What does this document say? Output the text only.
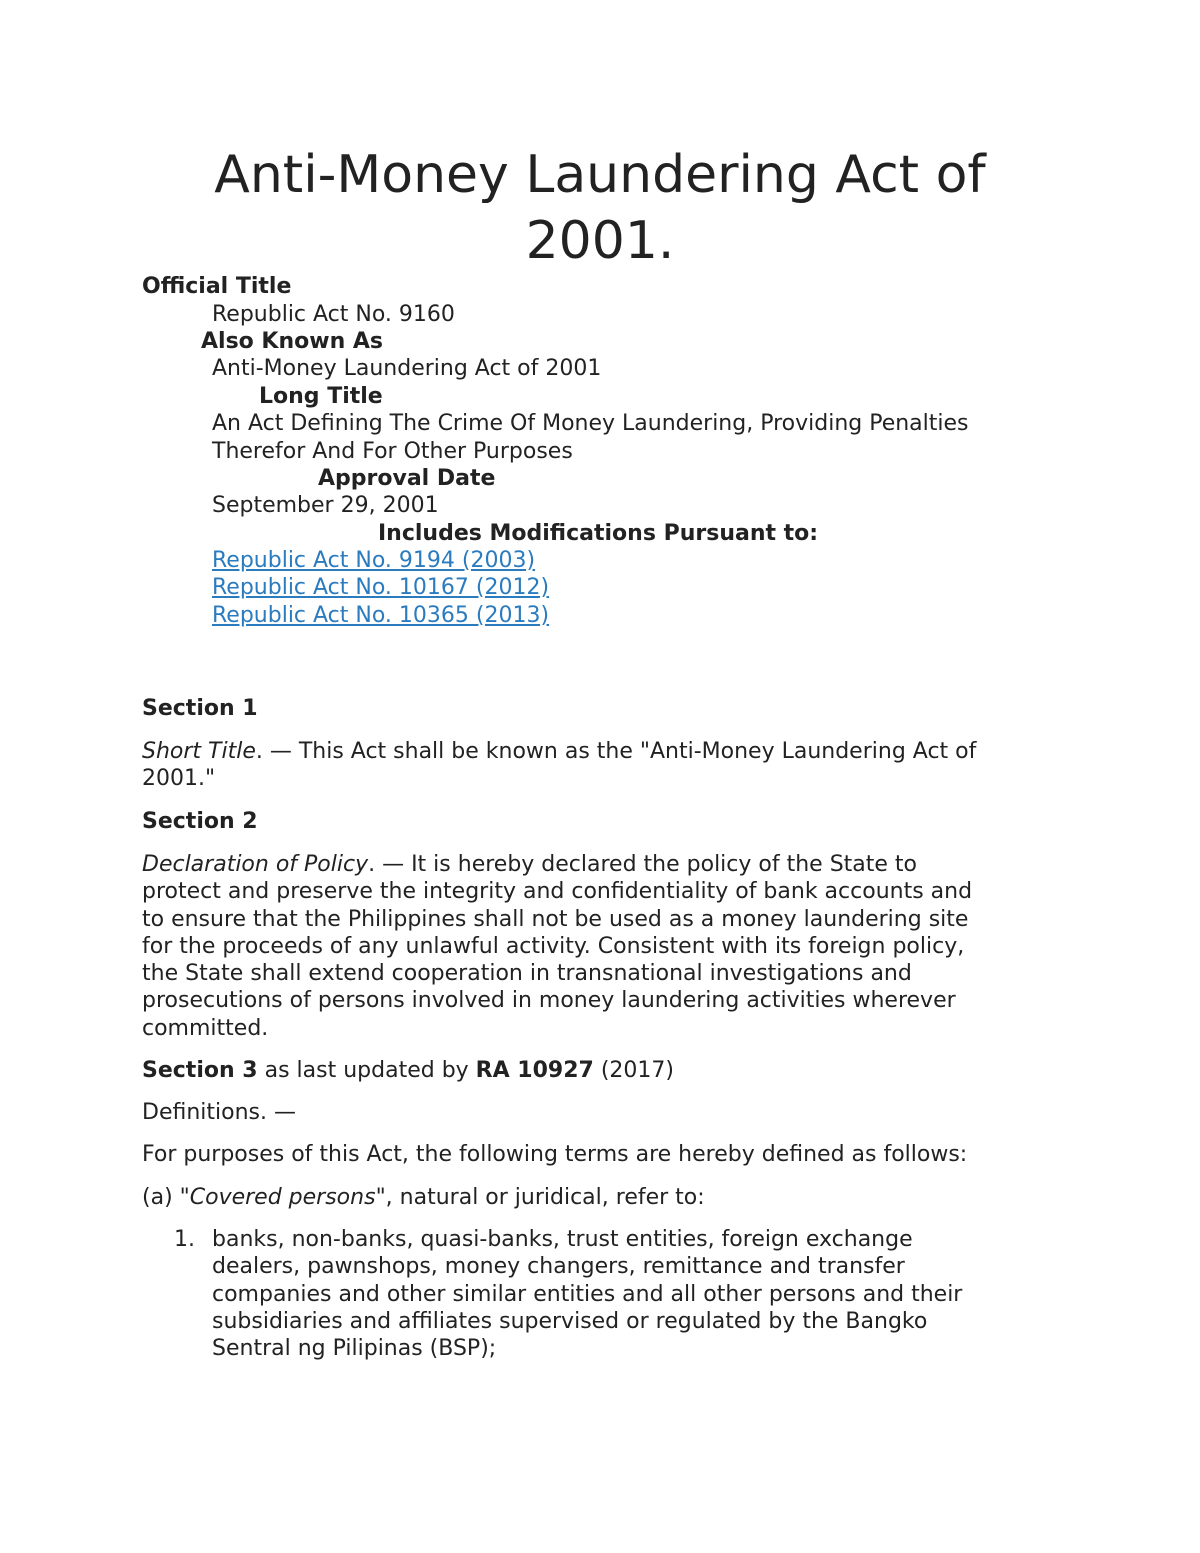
Anti-Money Laundering Act of
2001.
Official Title
Republic Act No. 9160
Also Known As
Anti-Money Laundering Act of 2001
Long Title
An Act Defining The Crime Of Money Laundering, Providing Penalties
Therefor And For Other Purposes
Approval Date
September 29, 2001
Includes Modifications Pursuant to:
Republic Act No. 9194 (2003)
Republic Act No. 10167 (2012)
Republic Act No. 10365 (2013)
Section 1
Short Title. — This Act shall be known as the "Anti-Money Laundering Act of
2001."
Section 2
Declaration of Policy. — It is hereby declared the policy of the State to
protect and preserve the integrity and confidentiality of bank accounts and
to ensure that the Philippines shall not be used as a money laundering site
for the proceeds of any unlawful activity. Consistent with its foreign policy,
the State shall extend cooperation in transnational investigations and
prosecutions of persons involved in money laundering activities wherever
committed.
Section 3 as last updated by RA 10927 (2017)
Definitions. —
For purposes of this Act, the following terms are hereby defined as follows:
(a) "Covered persons", natural or juridical, refer to:
1. banks, non-banks, quasi-banks, trust entities, foreign exchange
dealers, pawnshops, money changers, remittance and transfer
companies and other similar entities and all other persons and their
subsidiaries and affiliates supervised or regulated by the Bangko
Sentral ng Pilipinas (BSP);
